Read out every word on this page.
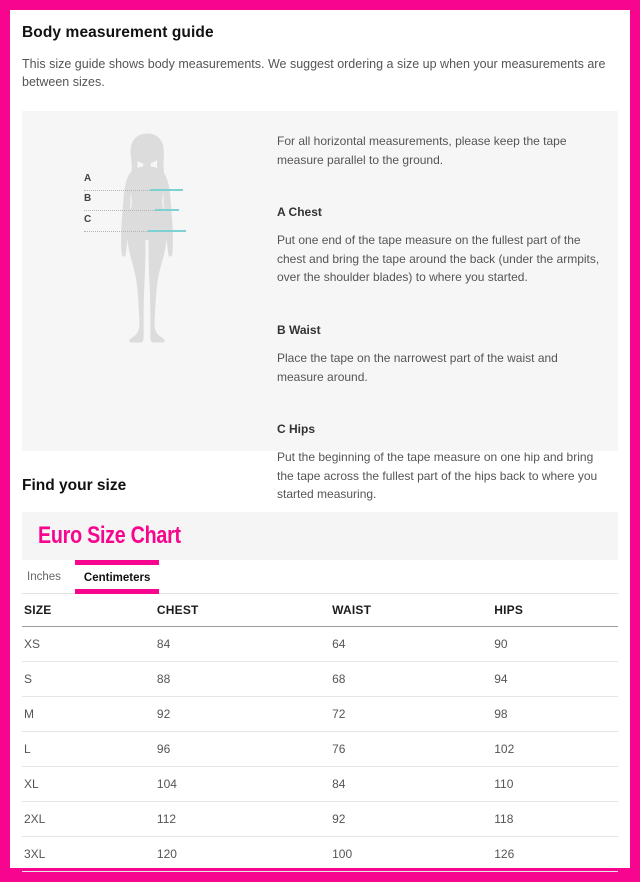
Body measurement guide

This size guide shows body measurements. We suggest ordering a size up when your measurements are between sizes.

A
B
C

For all horizontal measurements, please keep the tape measure parallel to the ground.

A Chest

Put one end of the tape measure on the fullest part of the chest and bring the tape around the back (under the armpits, over the shoulder blades) to where you started.

B Waist

Place the tape on the narrowest part of the waist and measure around.

C Hips

Put the beginning of the tape measure on one hip and bring the tape across the fullest part of the hips back to where you started measuring.

Find your size
Euro Size Chart
Inches	Centimeters
SIZE	CHEST	WAIST	HIPS
XS	84	64	90
S	88	68	94
M	92	72	98
L	96	76	102
XL	104	84	110
2XL	112	92	118
3XL	120	100	126
